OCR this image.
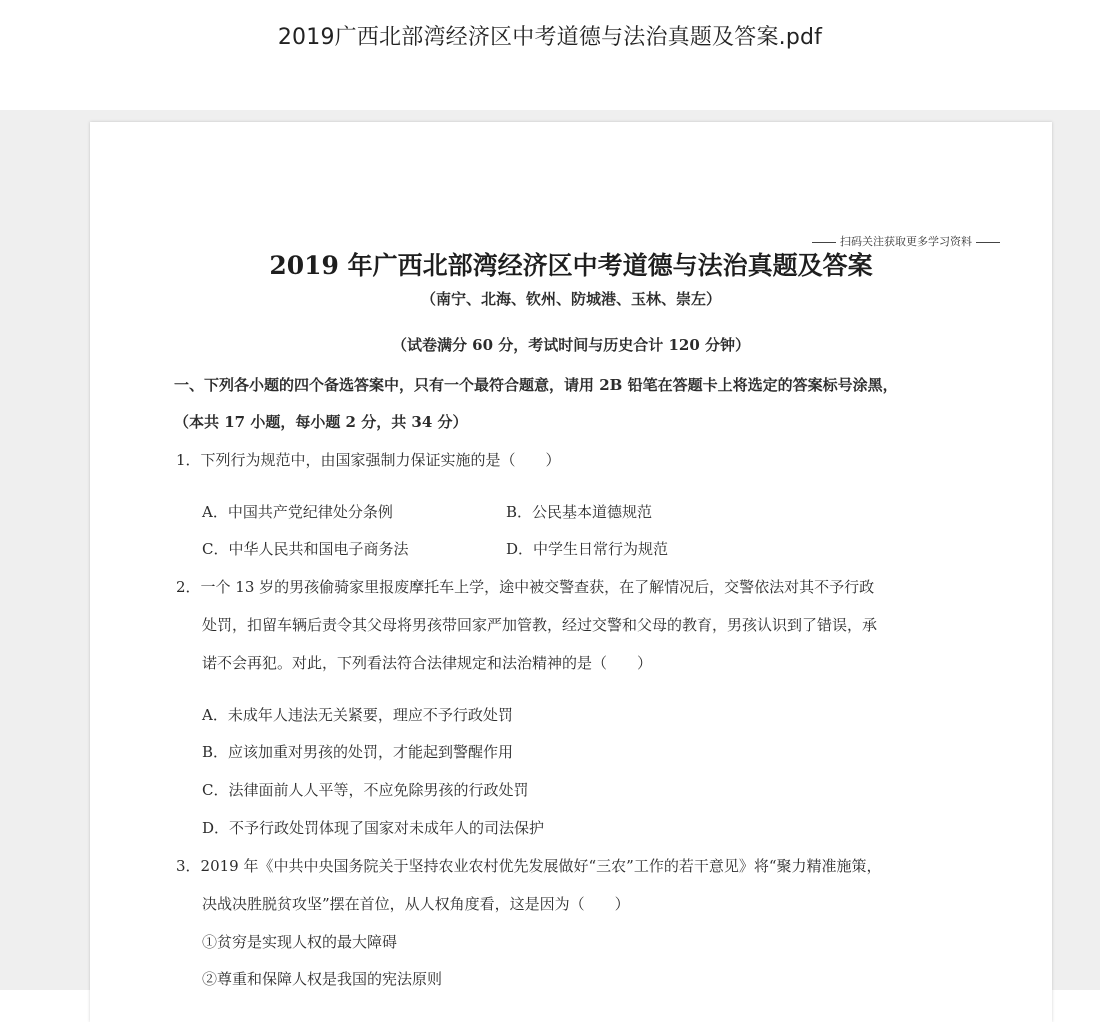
2019广西北部湾经济区中考道德与法治真题及答案.pdf
扫码关注获取更多学习资料
2019 年广西北部湾经济区中考道德与法治真题及答案
（南宁、北海、钦州、防城港、玉林、崇左）
（试卷满分 60 分，考试时间与历史合计 120 分钟）
一、下列各小题的四个备选答案中，只有一个最符合题意，请用 2B 铅笔在答题卡上将选定的答案标号涂黑，
（本共 17 小题，每小题 2 分，共 34 分）
1．下列行为规范中，由国家强制力保证实施的是（　　）
A．中国共产党纪律处分条例	B．公民基本道德规范
C．中华人民共和国电子商务法	D．中学生日常行为规范
2．一个 13 岁的男孩偷骑家里报废摩托车上学，途中被交警查获，在了解情况后，交警依法对其不予行政
处罚，扣留车辆后责令其父母将男孩带回家严加管教，经过交警和父母的教育，男孩认识到了错误，承
诺不会再犯。对此，下列看法符合法律规定和法治精神的是（　　）
A．未成年人违法无关紧要，理应不予行政处罚
B．应该加重对男孩的处罚，才能起到警醒作用
C．法律面前人人平等，不应免除男孩的行政处罚
D．不予行政处罚体现了国家对未成年人的司法保护
3．2019 年《中共中央国务院关于坚持农业农村优先发展做好“三农”工作的若干意见》将“聚力精准施策，
决战决胜脱贫攻坚”摆在首位，从人权角度看，这是因为（　　）
①贫穷是实现人权的最大障碍
②尊重和保障人权是我国的宪法原则
